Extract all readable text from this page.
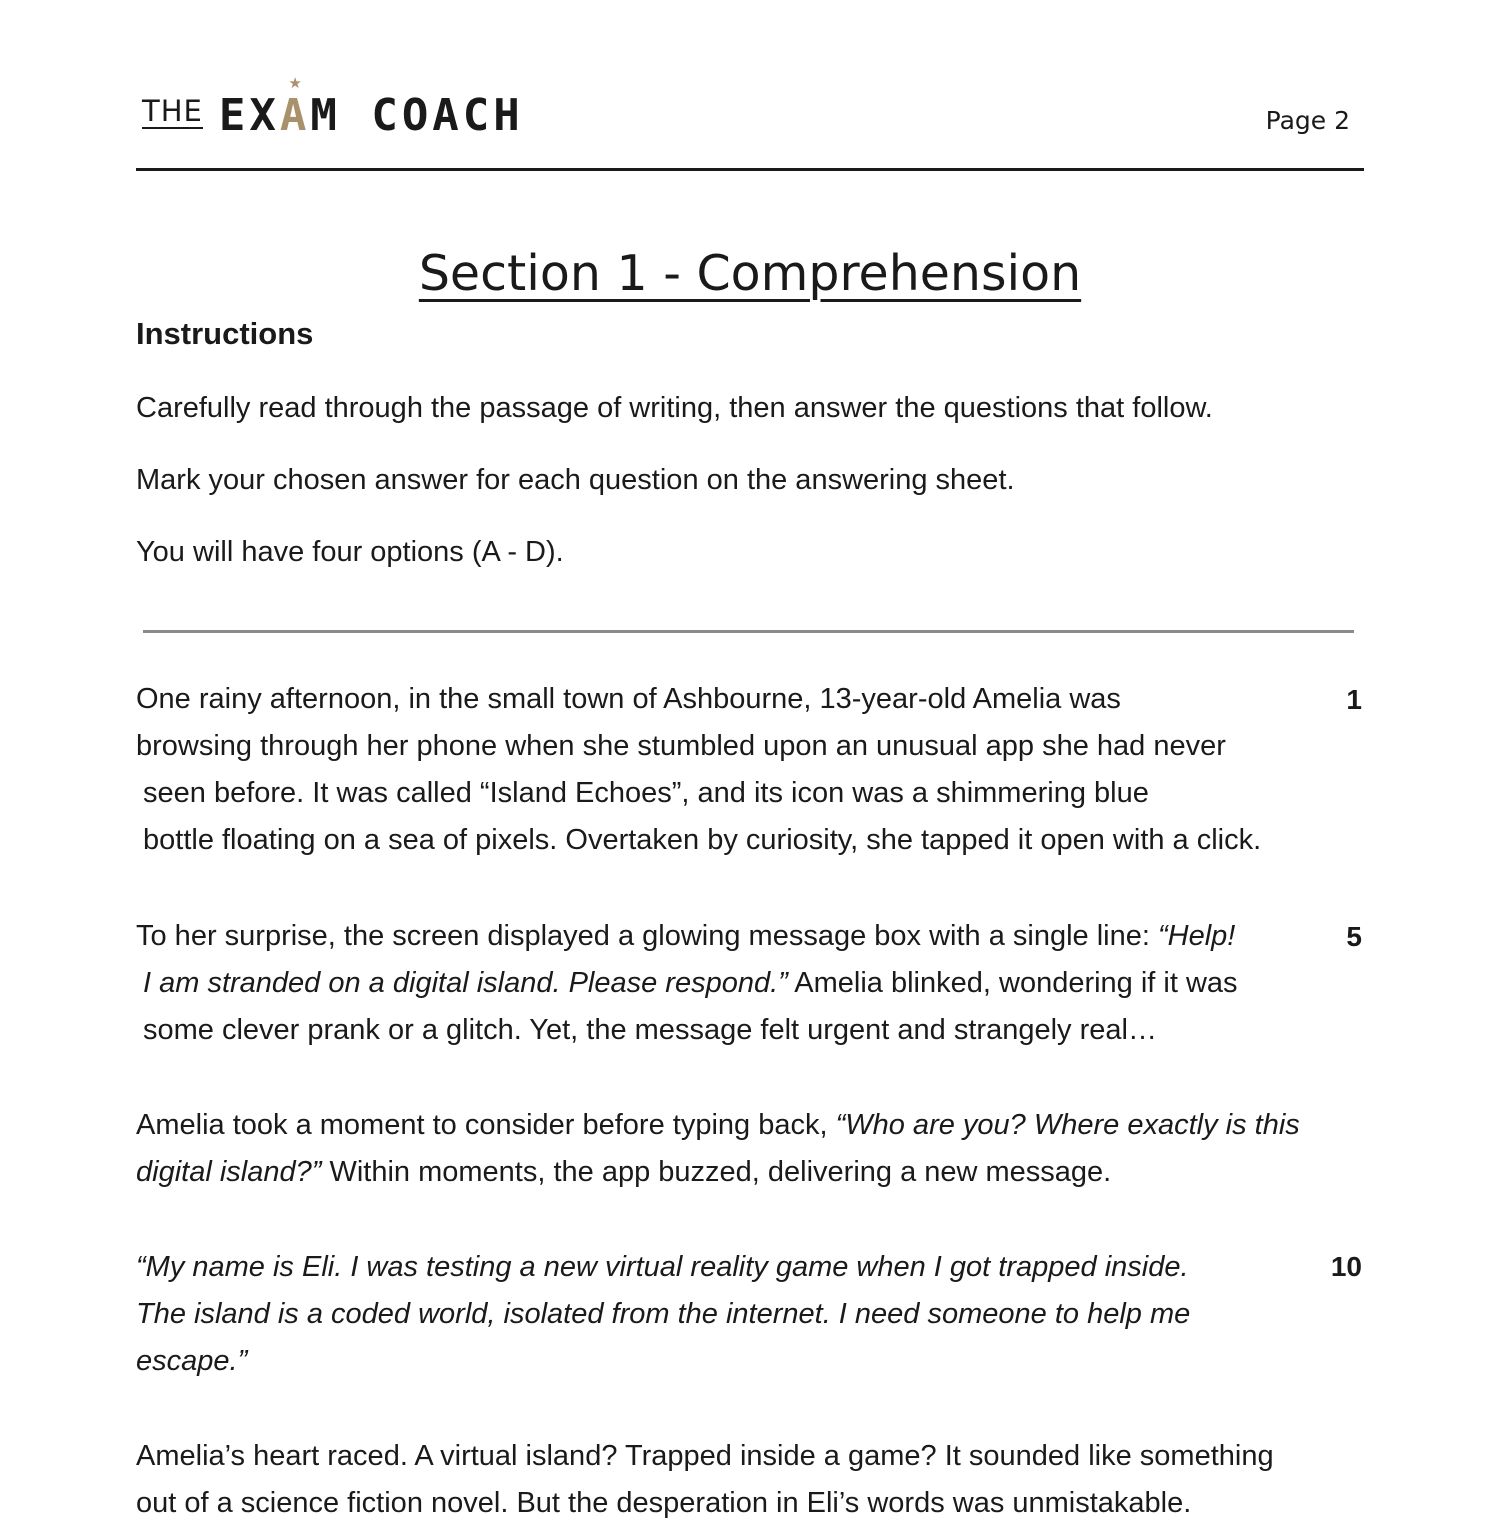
THE EX
★
AM COACH	Page 2
Section 1 - Comprehension
Instructions
Carefully read through the passage of writing, then answer the questions that follow.
Mark your chosen answer for each question on the answering sheet.
You will have four options (A - D).
One rainy afternoon, in the small town of Ashbourne, 13-year-old Amelia was
browsing through her phone when she stumbled upon an unusual app she had never
seen before. It was called “Island Echoes”, and its icon was a shimmering blue
bottle floating on a sea of pixels. Overtaken by curiosity, she tapped it open with a click.
1
To her surprise, the screen displayed a glowing message box with a single line: “Help!
I am stranded on a digital island. Please respond.” Amelia blinked, wondering if it was
some clever prank or a glitch. Yet, the message felt urgent and strangely real…
5
Amelia took a moment to consider before typing back, “Who are you? Where exactly is this
digital island?” Within moments, the app buzzed, delivering a new message.
“My name is Eli. I was testing a new virtual reality game when I got trapped inside.
The island is a coded world, isolated from the internet. I need someone to help me
escape.”
10
Amelia’s heart raced. A virtual island? Trapped inside a game? It sounded like something
out of a science fiction novel. But the desperation in Eli’s words was unmistakable.
